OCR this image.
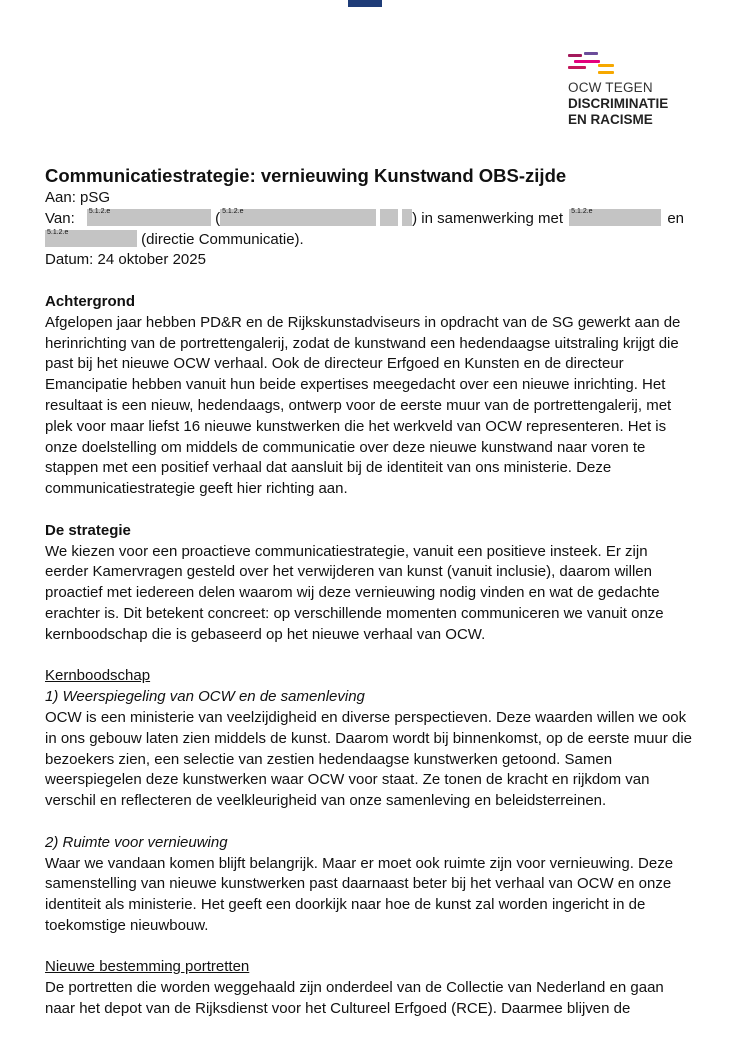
OCW TEGEN
DISCRIMINATIE
EN RACISME
Communicatiestrategie: vernieuwing Kunstwand OBS-zijde
Aan: pSG
Van: 5.1.2.e	( 5.1.2.e	) in samenwerking met 5.1.2.e	en
5.1.2.e	(directie Communicatie).
Datum: 24 oktober 2025
Achtergrond

Afgelopen jaar hebben PD&R en de Rijkskunstadviseurs in opdracht van de SG gewerkt aan de herinrichting van de portrettengalerij, zodat de kunstwand een hedendaagse uitstraling krijgt die past bij het nieuwe OCW verhaal. Ook de directeur Erfgoed en Kunsten en de directeur Emancipatie hebben vanuit hun beide expertises meegedacht over een nieuwe inrichting. Het resultaat is een nieuw, hedendaags, ontwerp voor de eerste muur van de portrettengalerij, met plek voor maar liefst 16 nieuwe kunstwerken die het werkveld van OCW representeren. Het is onze doelstelling om middels de communicatie over deze nieuwe kunstwand naar voren te stappen met een positief verhaal dat aansluit bij de identiteit van ons ministerie. Deze communicatiestrategie geeft hier richting aan.

De strategie

We kiezen voor een proactieve communicatiestrategie, vanuit een positieve insteek. Er zijn eerder Kamervragen gesteld over het verwijderen van kunst (vanuit inclusie), daarom willen proactief met iedereen delen waarom wij deze vernieuwing nodig vinden en wat de gedachte erachter is. Dit betekent concreet: op verschillende momenten communiceren we vanuit onze kernboodschap die is gebaseerd op het nieuwe verhaal van OCW.

Kernboodschap
1) Weerspiegeling van OCW en de samenleving

OCW is een ministerie van veelzijdigheid en diverse perspectieven. Deze waarden willen we ook in ons gebouw laten zien middels de kunst. Daarom wordt bij binnenkomst, op de eerste muur die bezoekers zien, een selectie van zestien hedendaagse kunstwerken getoond. Samen weerspiegelen deze kunstwerken waar OCW voor staat. Ze tonen de kracht en rijkdom van verschil en reflecteren de veelkleurigheid van onze samenleving en beleidsterreinen.

2) Ruimte voor vernieuwing

Waar we vandaan komen blijft belangrijk. Maar er moet ook ruimte zijn voor vernieuwing. Deze samenstelling van nieuwe kunstwerken past daarnaast beter bij het verhaal van OCW en onze identiteit als ministerie. Het geeft een doorkijk naar hoe de kunst zal worden ingericht in de toekomstige nieuwbouw.

Nieuwe bestemming portretten

De portretten die worden weggehaald zijn onderdeel van de Collectie van Nederland en gaan naar het depot van de Rijksdienst voor het Cultureel Erfgoed (RCE). Daarmee blijven de
